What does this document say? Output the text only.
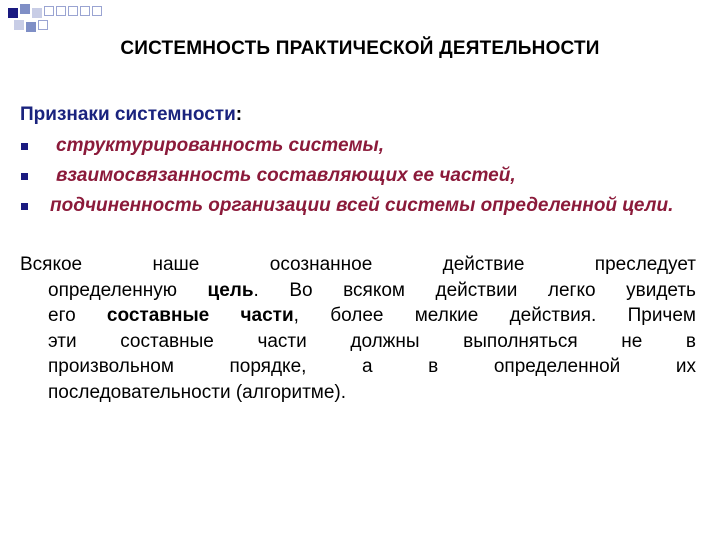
СИСТЕМНОСТЬ ПРАКТИЧЕСКОЙ ДЕЯТЕЛЬНОСТИ
Признаки системности:
структурированность системы,
взаимосвязанность составляющих ее частей,
подчиненность организации всей системы определенной цели.
Всякое	наше	осознанное	действие	преследует
определенную цель. Во всяком действии легко увидеть
его составные части, более мелкие действия. Причем
эти составные части должны выполняться не в
произвольном	порядке,	а	в	определенной	их
последовательности (алгоритме).
